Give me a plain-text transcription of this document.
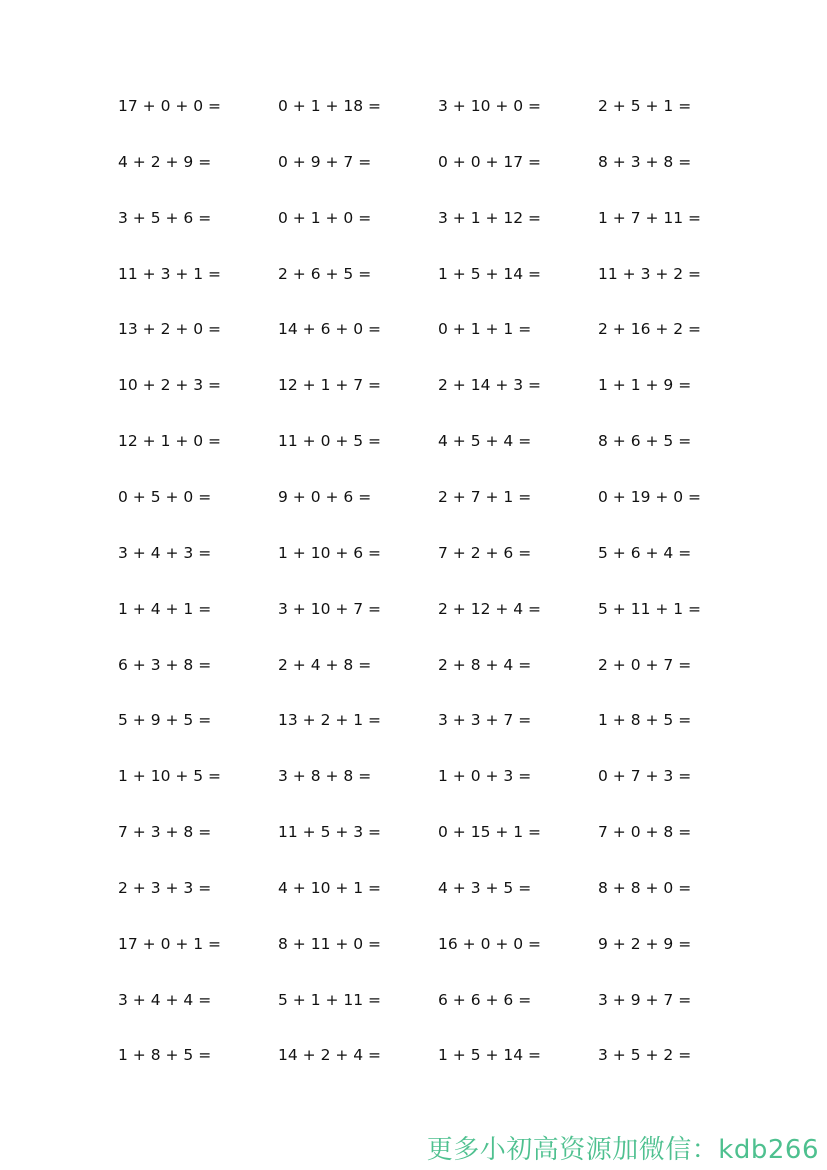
17 + 0 + 0 =	0 + 1 + 18 =	3 + 10 + 0 =	2 + 5 + 1 =
4 + 2 + 9 =	0 + 9 + 7 =	0 + 0 + 17 =	8 + 3 + 8 =
3 + 5 + 6 =	0 + 1 + 0 =	3 + 1 + 12 =	1 + 7 + 11 =
11 + 3 + 1 =	2 + 6 + 5 =	1 + 5 + 14 =	11 + 3 + 2 =
13 + 2 + 0 =	14 + 6 + 0 =	0 + 1 + 1 =	2 + 16 + 2 =
10 + 2 + 3 =	12 + 1 + 7 =	2 + 14 + 3 =	1 + 1 + 9 =
12 + 1 + 0 =	11 + 0 + 5 =	4 + 5 + 4 =	8 + 6 + 5 =
0 + 5 + 0 =	9 + 0 + 6 =	2 + 7 + 1 =	0 + 19 + 0 =
3 + 4 + 3 =	1 + 10 + 6 =	7 + 2 + 6 =	5 + 6 + 4 =
1 + 4 + 1 =	3 + 10 + 7 =	2 + 12 + 4 =	5 + 11 + 1 =
6 + 3 + 8 =	2 + 4 + 8 =	2 + 8 + 4 =	2 + 0 + 7 =
5 + 9 + 5 =	13 + 2 + 1 =	3 + 3 + 7 =	1 + 8 + 5 =
1 + 10 + 5 =	3 + 8 + 8 =	1 + 0 + 3 =	0 + 7 + 3 =
7 + 3 + 8 =	11 + 5 + 3 =	0 + 15 + 1 =	7 + 0 + 8 =
2 + 3 + 3 =	4 + 10 + 1 =	4 + 3 + 5 =	8 + 8 + 0 =
17 + 0 + 1 =	8 + 11 + 0 =	16 + 0 + 0 =	9 + 2 + 9 =
3 + 4 + 4 =	5 + 1 + 11 =	6 + 6 + 6 =	3 + 9 + 7 =
1 + 8 + 5 =	14 + 2 + 4 =	1 + 5 + 14 =	3 + 5 + 2 =
更多小初高资源加微信：kdb266
